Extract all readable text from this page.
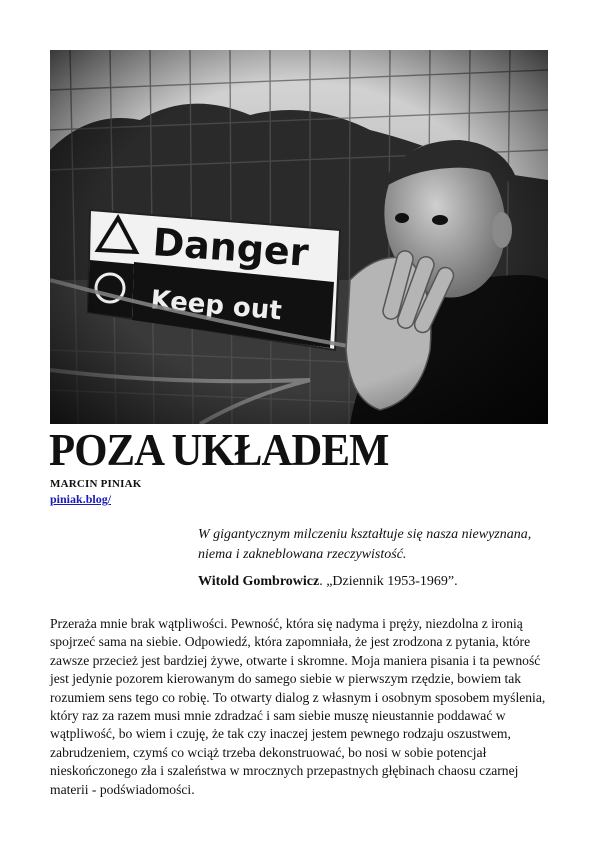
POZA UKŁADEM
MARCIN PINIAK
piniak.blog/
W gigantycznym milczeniu kształtuje się nasza niewyznana,
niema i zakneblowana rzeczywistość.
Witold Gombrowicz. „Dziennik 1953-1969”.

Przeraża mnie brak wątpliwości. Pewność, która się nadyma i pręży, niezdolna z ironią spojrzeć sama na siebie. Odpowiedź, która zapomniała, że jest zrodzona z pytania, które zawsze przecież jest bardziej żywe, otwarte i skromne. Moja maniera pisania i ta pewność jest jedynie pozorem kierowanym do samego siebie w pierwszym rzędzie, bowiem tak rozumiem sens tego co robię. To otwarty dialog z własnym i osobnym sposobem myślenia, który raz za razem musi mnie zdradzać i sam siebie muszę nieustannie poddawać w wątpliwość, bo wiem i czuję, że tak czy inaczej jestem pewnego rodzaju oszustwem, zabrudzeniem, czymś co wciąż trzeba dekonstruować, bo nosi w sobie potencjał nieskończonego zła i szaleństwa w mrocznych przepastnych głębinach chaosu czarnej materii - podświadomości.
